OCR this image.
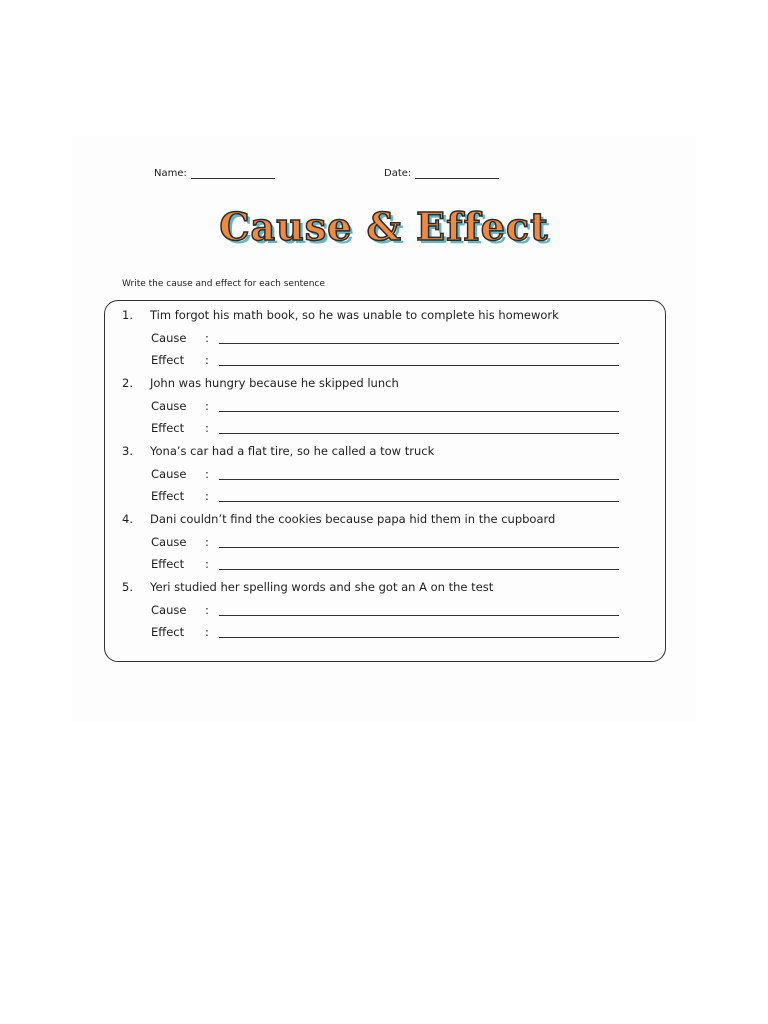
Name:	Date:
Cause & Effect
Write the cause and effect for each sentence
1. Tim forgot his math book, so he was unable to complete his homework
Cause :
Effect :
2. John was hungry because he skipped lunch
Cause :
Effect :
3. Yona’s car had a flat tire, so he called a tow truck
Cause :
Effect :
4. Dani couldn’t find the cookies because papa hid them in the cupboard
Cause :
Effect :
5. Yeri studied her spelling words and she got an A on the test
Cause :
Effect :
